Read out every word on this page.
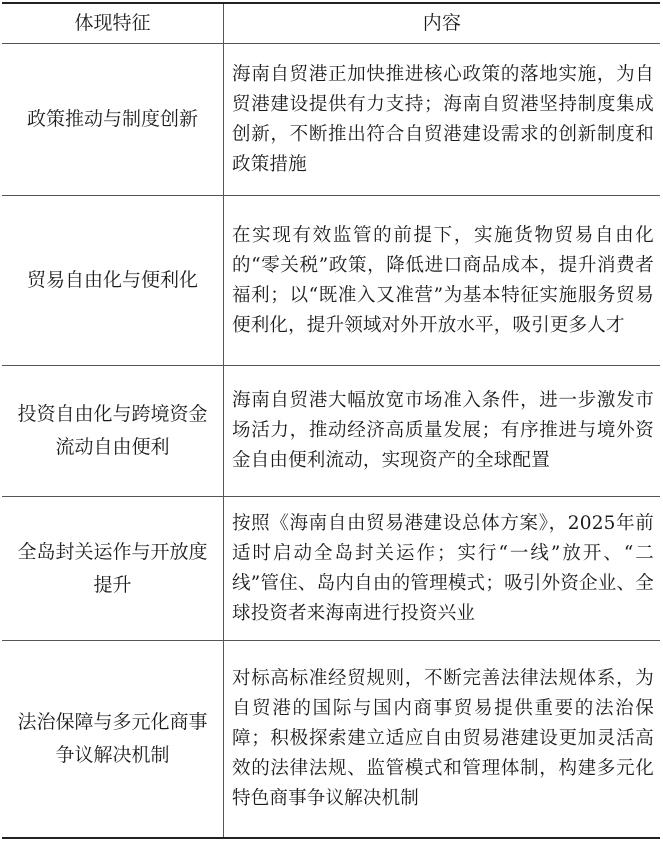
体现特征	内容
政策推动与制度创新
海南自贸港正加快推进核心政策的落地实施，为自贸港建设提供有力支持；海南自贸港坚持制度集成创新，不断推出符合自贸港建设需求的创新制度和政策措施
贸易自由化与便利化
在实现有效监管的前提下，实施货物贸易自由化的“零关税”政策，降低进口商品成本，提升消费者福利；以“既准入又准营”为基本特征实施服务贸易便利化，提升领域对外开放水平，吸引更多人才
投资自由化与跨境资金流动自由便利
海南自贸港大幅放宽市场准入条件，进一步激发市场活力，推动经济高质量发展；有序推进与境外资金自由便利流动，实现资产的全球配置
全岛封关运作与开放度提升
按照《海南自由贸易港建设总体方案》，2025年前适时启动全岛封关运作；实行“一线”放开、“二线”管住、岛内自由的管理模式；吸引外资企业、全球投资者来海南进行投资兴业
法治保障与多元化商事争议解决机制
对标高标准经贸规则，不断完善法律法规体系，为自贸港的国际与国内商事贸易提供重要的法治保障；积极探索建立适应自由贸易港建设更加灵活高效的法律法规、监管模式和管理体制，构建多元化特色商事争议解决机制
